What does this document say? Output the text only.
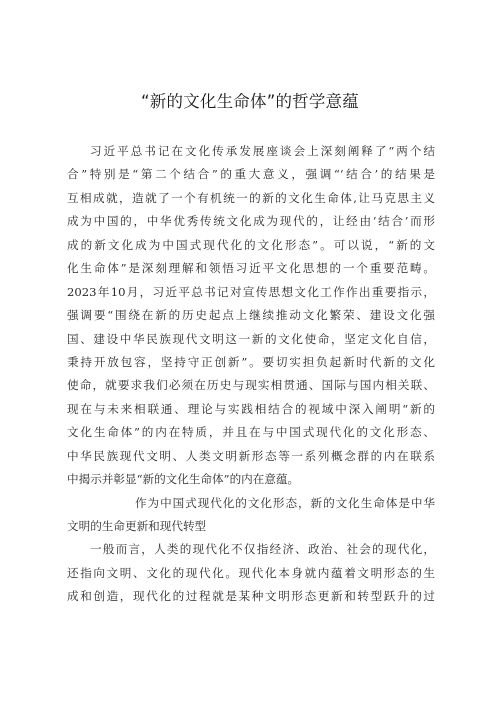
“新的文化生命体”的哲学意蕴
习近平总书记在文化传承发展座谈会上深刻阐释了“两个结
合”特别是“第二个结合”的重大意义，强调“‘结合’的结果是
互相成就，造就了一个有机统一的新的文化生命体,让马克思主义
成为中国的，中华优秀传统文化成为现代的，让经由‘结合’而形
成的新文化成为中国式现代化的文化形态”。可以说，“新的文
化生命体”是深刻理解和领悟习近平文化思想的一个重要范畴。
2023年10月，习近平总书记对宣传思想文化工作作出重要指示，
强调要“围绕在新的历史起点上继续推动文化繁荣、建设文化强
国、建设中华民族现代文明这一新的文化使命，坚定文化自信，
秉持开放包容，坚持守正创新”。要切实担负起新时代新的文化
使命，就要求我们必须在历史与现实相贯通、国际与国内相关联、
现在与未来相联通、理论与实践相结合的视域中深入阐明“新的
文化生命体”的内在特质，并且在与中国式现代化的文化形态、
中华民族现代文明、人类文明新形态等一系列概念群的内在联系
中揭示并彰显“新的文化生命体”的内在意蕴。
作为中国式现代化的文化形态，新的文化生命体是中华
文明的生命更新和现代转型
一般而言，人类的现代化不仅指经济、政治、社会的现代化，
还指向文明、文化的现代化。现代化本身就内蕴着文明形态的生
成和创造，现代化的过程就是某种文明形态更新和转型跃升的过
